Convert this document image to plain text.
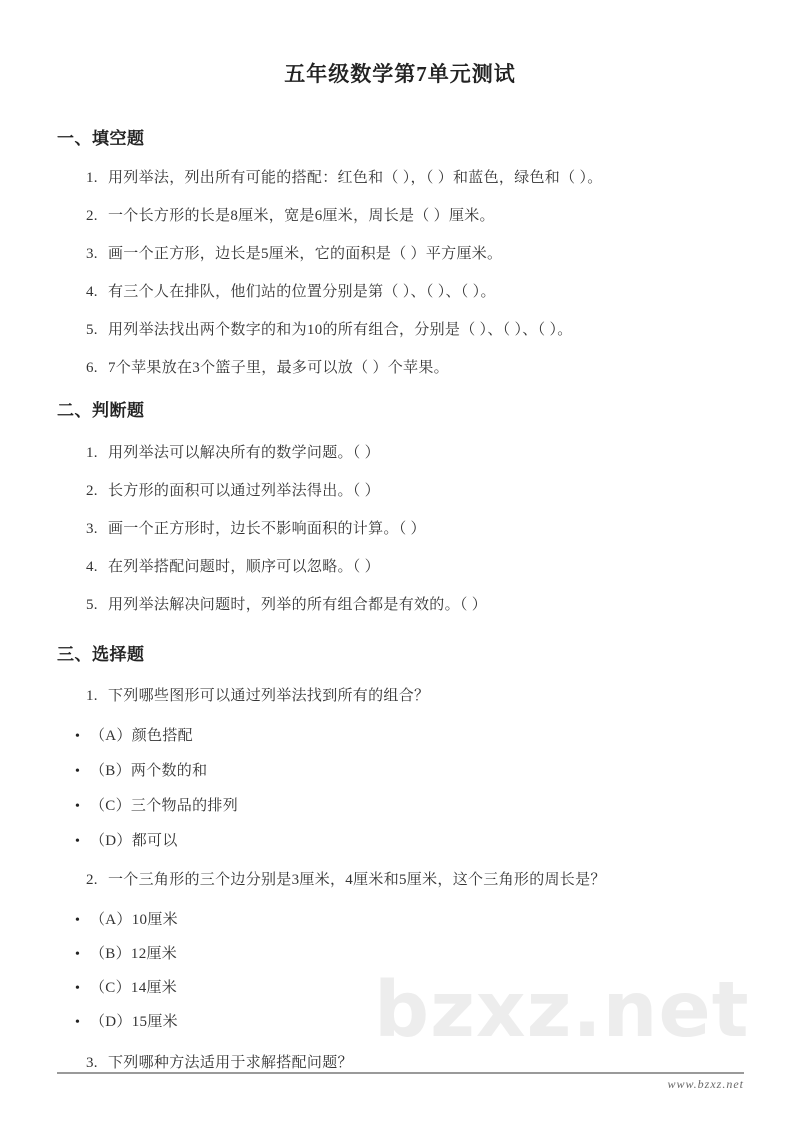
bzxz.net
五年级数学第7单元测试
一、填空题
1. 用列举法，列出所有可能的搭配：红色和（ ），（ ）和蓝色，绿色和（ ）。
2. 一个长方形的长是8厘米，宽是6厘米，周长是（ ）厘米。
3. 画一个正方形，边长是5厘米，它的面积是（ ）平方厘米。
4. 有三个人在排队，他们站的位置分别是第（ ）、（ ）、（ ）。
5. 用列举法找出两个数字的和为10的所有组合，分别是（ ）、（ ）、（ ）。
6. 7个苹果放在3个篮子里，最多可以放（ ）个苹果。
二、判断题
1. 用列举法可以解决所有的数学问题。（ ）
2. 长方形的面积可以通过列举法得出。（ ）
3. 画一个正方形时，边长不影响面积的计算。（ ）
4. 在列举搭配问题时，顺序可以忽略。（ ）
5. 用列举法解决问题时，列举的所有组合都是有效的。（ ）
三、选择题
1. 下列哪些图形可以通过列举法找到所有的组合？
•（A）颜色搭配
•（B）两个数的和
•（C）三个物品的排列
•（D）都可以
2. 一个三角形的三个边分别是3厘米，4厘米和5厘米，这个三角形的周长是？
•（A）10厘米
•（B）12厘米
•（C）14厘米
•（D）15厘米
3. 下列哪种方法适用于求解搭配问题？
www.bzxz.net
